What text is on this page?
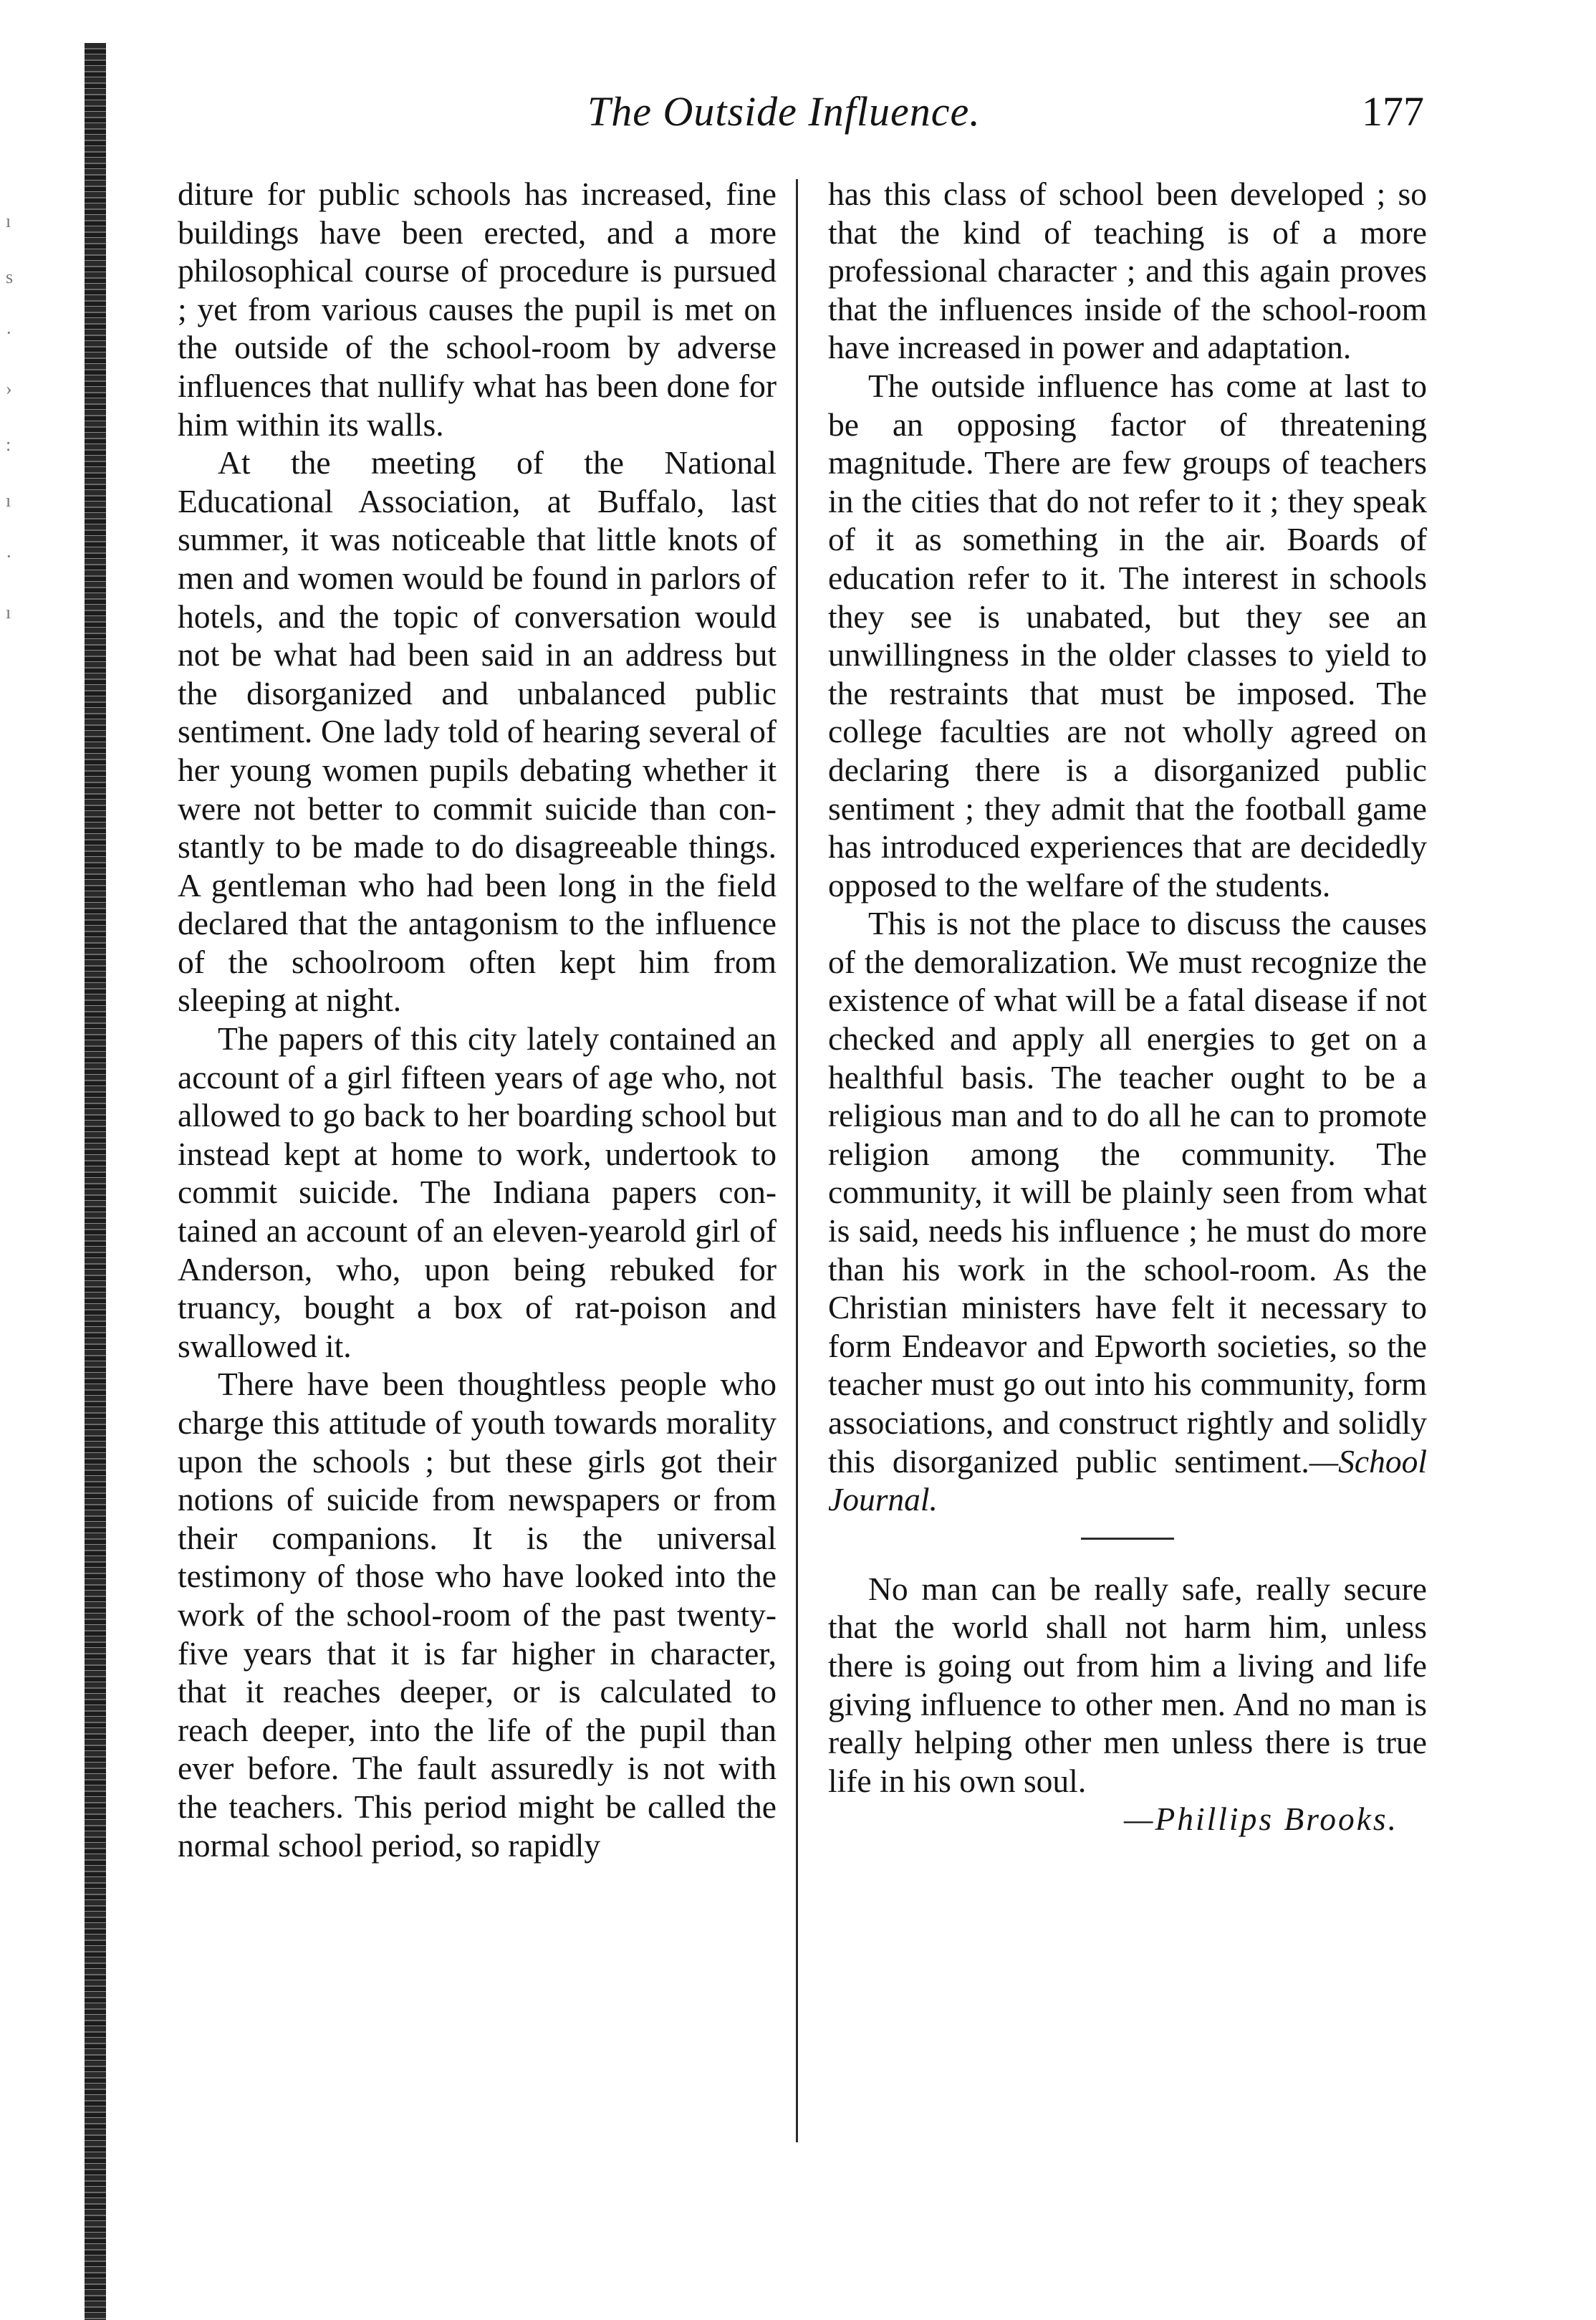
ı
s
·
›
:
ı
·
ı
The Outside Influence.	177

diture for public schools has increased, fine buildings have been erected, and a more philosophical course of procedure is pursued ; yet from various causes the pupil is met on the outside of the school-room by adverse influences that nullify what has been done for him within its walls.

At the meeting of the National Educational Association, at Buffalo, last summer, it was noticeable that little knots of men and women would be found in parlors of hotels, and the topic of conversation would not be what had been said in an address but the disorganized and unbalanced public sentiment. One lady told of hearing several of her young women pupils debating whether it were not better to commit suicide than constantly to be made to do disagreeable things. A gentleman who had been long in the field declared that the antagonism to the influence of the schoolroom often kept him from sleeping at night.

The papers of this city lately contained an account of a girl fifteen years of age who, not allowed to go back to her boarding school but instead kept at home to work, undertook to commit suicide. The Indiana papers contained an account of an eleven-yearold girl of Anderson, who, upon being rebuked for truancy, bought a box of rat-poison and swallowed it.

There have been thoughtless people who charge this attitude of youth towards morality upon the schools ; but these girls got their notions of suicide from newspapers or from their companions. It is the universal testimony of those who have looked into the work of the school-room of the past twenty-five years that it is far higher in character, that it reaches deeper, or is calculated to reach deeper, into the life of the pupil than ever before. The fault assuredly is not with the teachers. This period might be called the normal school period, so rapidly

has this class of school been developed ; so that the kind of teaching is of a more professional character ; and this again proves that the influences inside of the school-room have increased in power and adaptation.

The outside influence has come at last to be an opposing factor of threatening magnitude. There are few groups of teachers in the cities that do not refer to it ; they speak of it as something in the air. Boards of education refer to it. The interest in schools they see is unabated, but they see an unwillingness in the older classes to yield to the restraints that must be imposed. The college faculties are not wholly agreed on declaring there is a disorganized public sentiment ; they admit that the football game has introduced experiences that are decidedly opposed to the welfare of the students.

This is not the place to discuss the causes of the demoralization. We must recognize the existence of what will be a fatal disease if not checked and apply all energies to get on a healthful basis. The teacher ought to be a religious man and to do all he can to promote religion among the community. The community, it will be plainly seen from what is said, needs his influence ; he must do more than his work in the school-room. As the Christian ministers have felt it necessary to form Endeavor and Epworth societies, so the teacher must go out into his community, form associations, and construct rightly and solidly this disorganized public sentiment.—School Journal.

No man can be really safe, really secure that the world shall not harm him, unless there is going out from him a living and life giving influence to other men. And no man is really helping other men unless there is true life in his own soul.

—Phillips Brooks.
